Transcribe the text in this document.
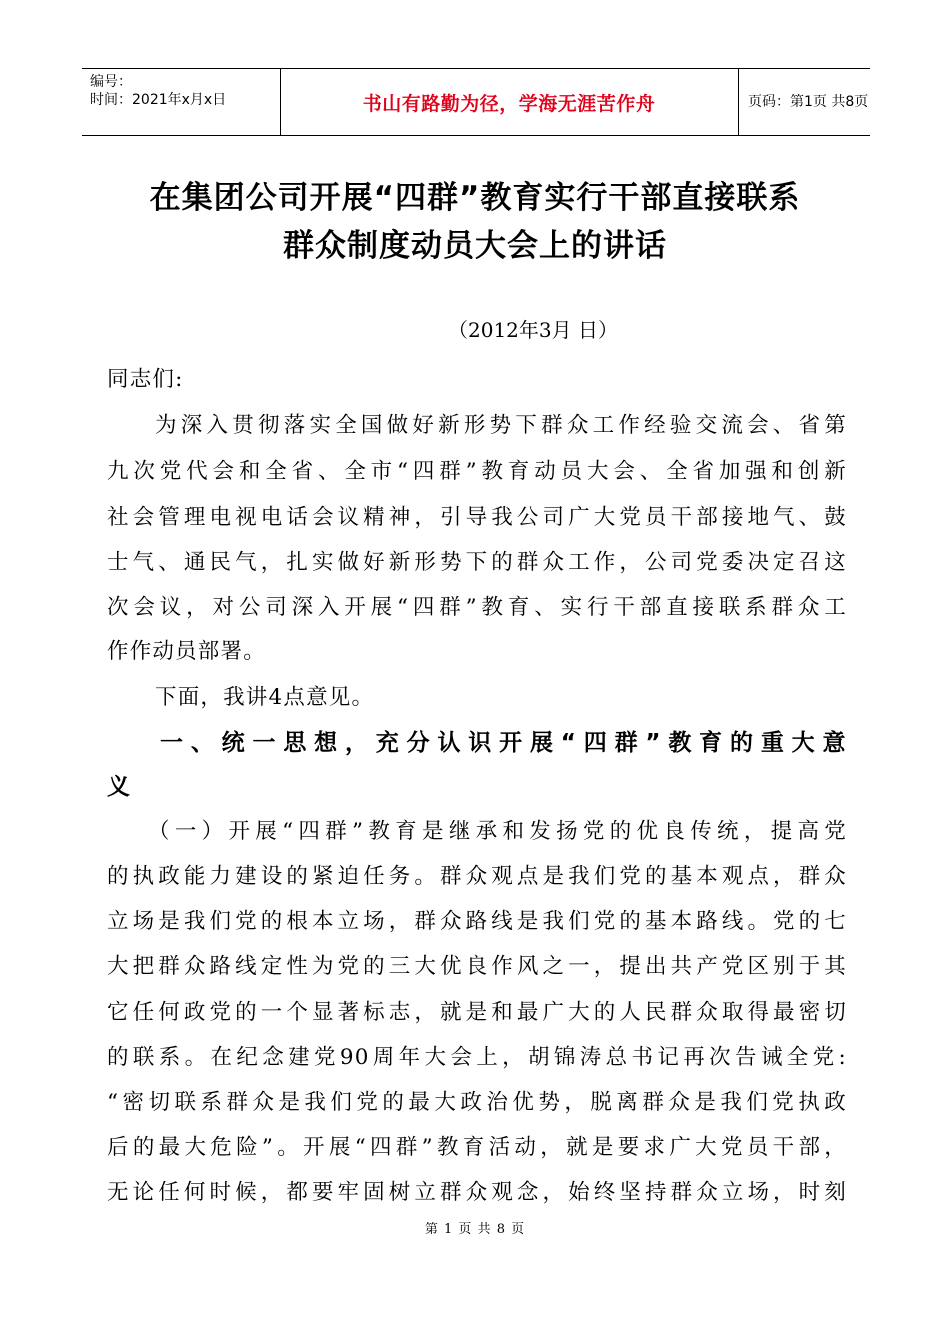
编号：
时间：2021年x月x日	书山有路勤为径，学海无涯苦作舟	页码：第1页 共8页
在集团公司开展“四群”教育实行干部直接联系
群众制度动员大会上的讲话
（2012年3月 日）
同志们:
为深入贯彻落实全国做好新形势下群众工作经验交流会、省第
九次党代会和全省、全市“四群”教育动员大会、全省加强和创新
社会管理电视电话会议精神，引导我公司广大党员干部接地气、鼓
士气、通民气，扎实做好新形势下的群众工作，公司党委决定召这
次会议，对公司深入开展“四群”教育、实行干部直接联系群众工
作作动员部署。
下面，我讲4点意见。
一、统一思想，充分认识开展“四群”教育的重大意
义
（一）开展“四群”教育是继承和发扬党的优良传统，提高党
的执政能力建设的紧迫任务。群众观点是我们党的基本观点，群众
立场是我们党的根本立场，群众路线是我们党的基本路线。党的七
大把群众路线定性为党的三大优良作风之一，提出共产党区别于其
它任何政党的一个显著标志，就是和最广大的人民群众取得最密切
的联系。在纪念建党90周年大会上，胡锦涛总书记再次告诫全党:
“密切联系群众是我们党的最大政治优势，脱离群众是我们党执政
后的最大危险”。开展“四群”教育活动，就是要求广大党员干部，
无论任何时候，都要牢固树立群众观念，始终坚持群众立场，时刻
第 1 页 共 8 页
